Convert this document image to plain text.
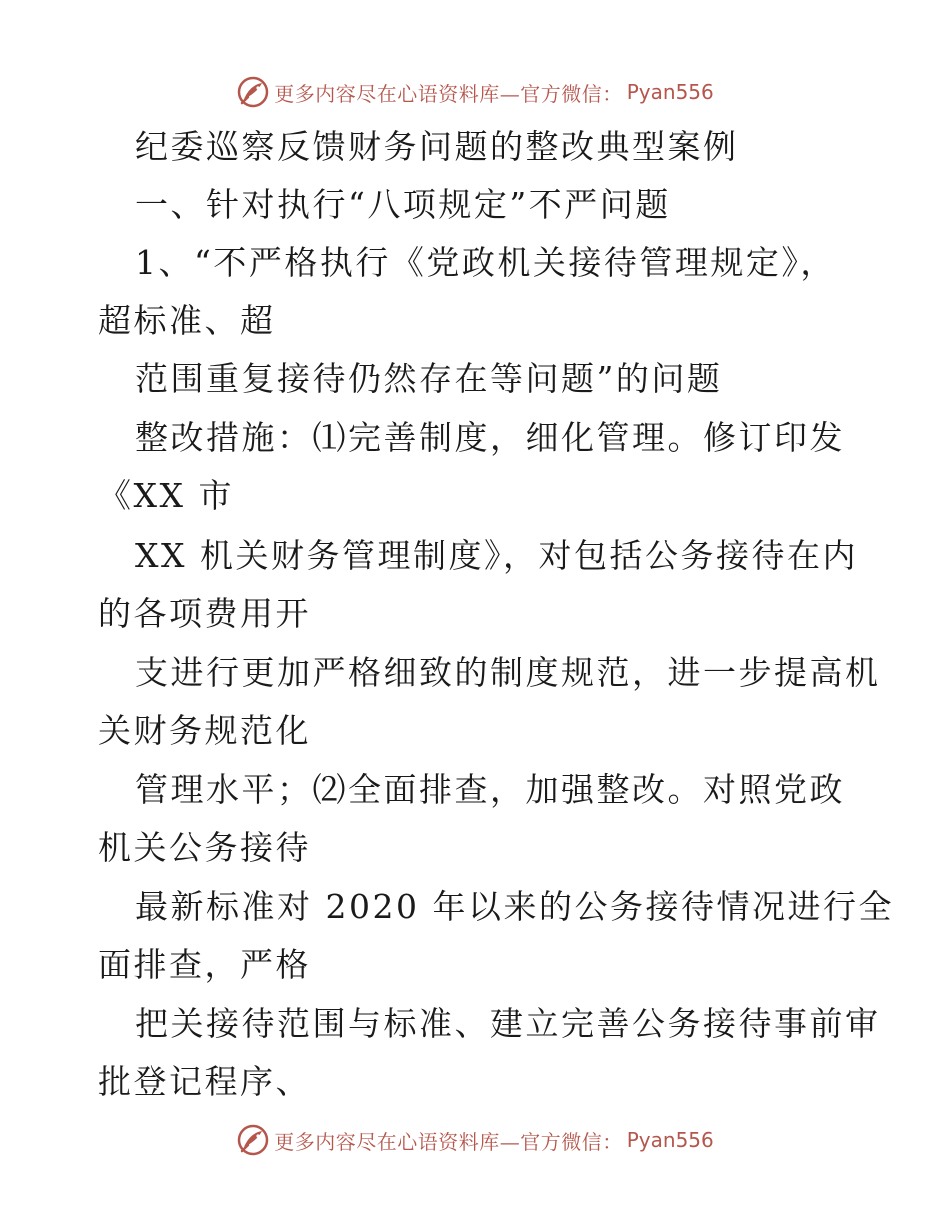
更多内容尽在心语资料库—官方微信： Pyan556
纪委巡察反馈财务问题的整改典型案例
一、针对执行“八项规定”不严问题
1、“不严格执行《党政机关接待管理规定》，
超标准、超
范围重复接待仍然存在等问题”的问题
整改措施：⑴完善制度，细化管理。修订印发
《XX 市
XX 机关财务管理制度》，对包括公务接待在内
的各项费用开
支进行更加严格细致的制度规范，进一步提高机
关财务规范化
管理水平；⑵全面排查，加强整改。对照党政
机关公务接待
最新标准对 2020 年以来的公务接待情况进行全
面排查，严格
把关接待范围与标准、建立完善公务接待事前审
批登记程序、
更多内容尽在心语资料库—官方微信： Pyan556
